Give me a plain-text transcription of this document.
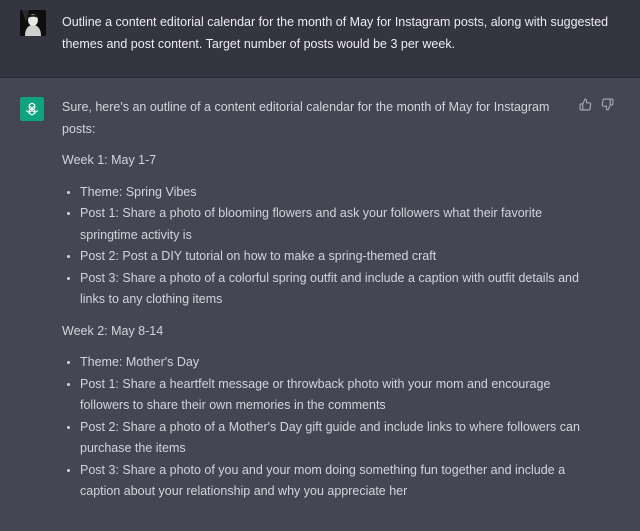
Outline a content editorial calendar for the month of May for Instagram posts, along with suggested themes and post content. Target number of posts would be 3 per week.

Sure, here's an outline of a content editorial calendar for the month of May for Instagram posts:

Week 1: May 1-7

Theme: Spring Vibes
Post 1: Share a photo of blooming flowers and ask your followers what their favorite springtime activity is
Post 2: Post a DIY tutorial on how to make a spring-themed craft
Post 3: Share a photo of a colorful spring outfit and include a caption with outfit details and links to any clothing items

Week 2: May 8-14

Theme: Mother's Day
Post 1: Share a heartfelt message or throwback photo with your mom and encourage followers to share their own memories in the comments
Post 2: Share a photo of a Mother's Day gift guide and include links to where followers can purchase the items
Post 3: Share a photo of you and your mom doing something fun together and include a caption about your relationship and why you appreciate her
